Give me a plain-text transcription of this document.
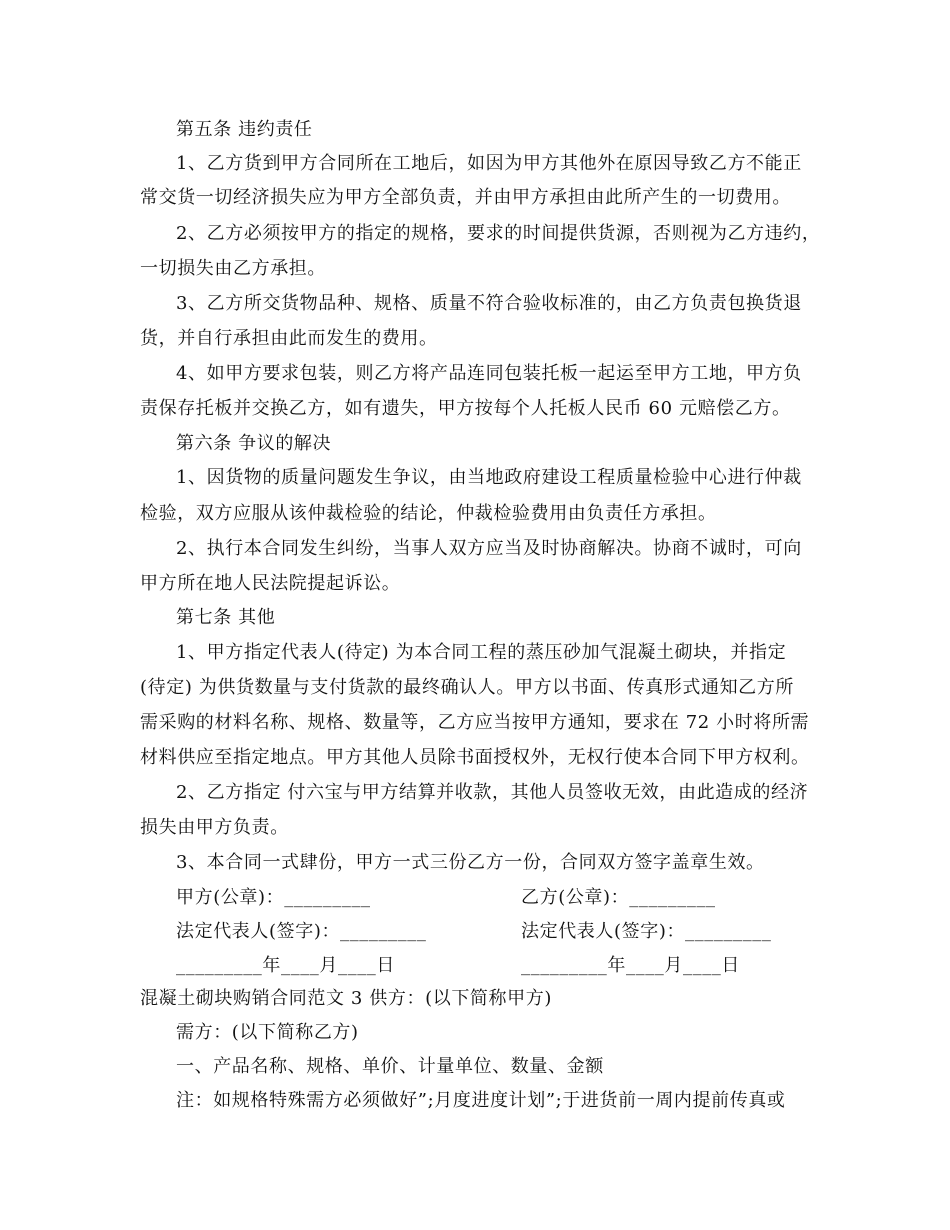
第五条 违约责任
1、乙方货到甲方合同所在工地后，如因为甲方其他外在原因导致乙方不能正
常交货一切经济损失应为甲方全部负责，并由甲方承担由此所产生的一切费用。
2、乙方必须按甲方的指定的规格，要求的时间提供货源，否则视为乙方违约，
一切损失由乙方承担。
3、乙方所交货物品种、规格、质量不符合验收标准的，由乙方负责包换货退
货，并自行承担由此而发生的费用。
4、如甲方要求包装，则乙方将产品连同包装托板一起运至甲方工地，甲方负
责保存托板并交换乙方，如有遗失，甲方按每个人托板人民币 60 元赔偿乙方。
第六条 争议的解决
1、因货物的质量问题发生争议，由当地政府建设工程质量检验中心进行仲裁
检验，双方应服从该仲裁检验的结论，仲裁检验费用由负责任方承担。
2、执行本合同发生纠纷，当事人双方应当及时协商解决。协商不诚时，可向
甲方所在地人民法院提起诉讼。
第七条 其他
1、甲方指定代表人(待定) 为本合同工程的蒸压砂加气混凝土砌块，并指定
(待定) 为供货数量与支付货款的最终确认人。甲方以书面、传真形式通知乙方所
需采购的材料名称、规格、数量等，乙方应当按甲方通知，要求在 72 小时将所需
材料供应至指定地点。甲方其他人员除书面授权外，无权行使本合同下甲方权利。
2、乙方指定 付六宝与甲方结算并收款，其他人员签收无效，由此造成的经济
损失由甲方负责。
3、本合同一式肆份，甲方一式三份乙方一份，合同双方签字盖章生效。
甲方(公章)：_________	乙方(公章)：_________
法定代表人(签字)：_________	法定代表人(签字)：_________
_________年____月____日	_________年____月____日
混凝土砌块购销合同范文 3 供方：(以下简称甲方)
需方：(以下简称乙方)
一、产品名称、规格、单价、计量单位、数量、金额
注：如规格特殊需方必须做好”;月度进度计划”;于进货前一周内提前传真或
